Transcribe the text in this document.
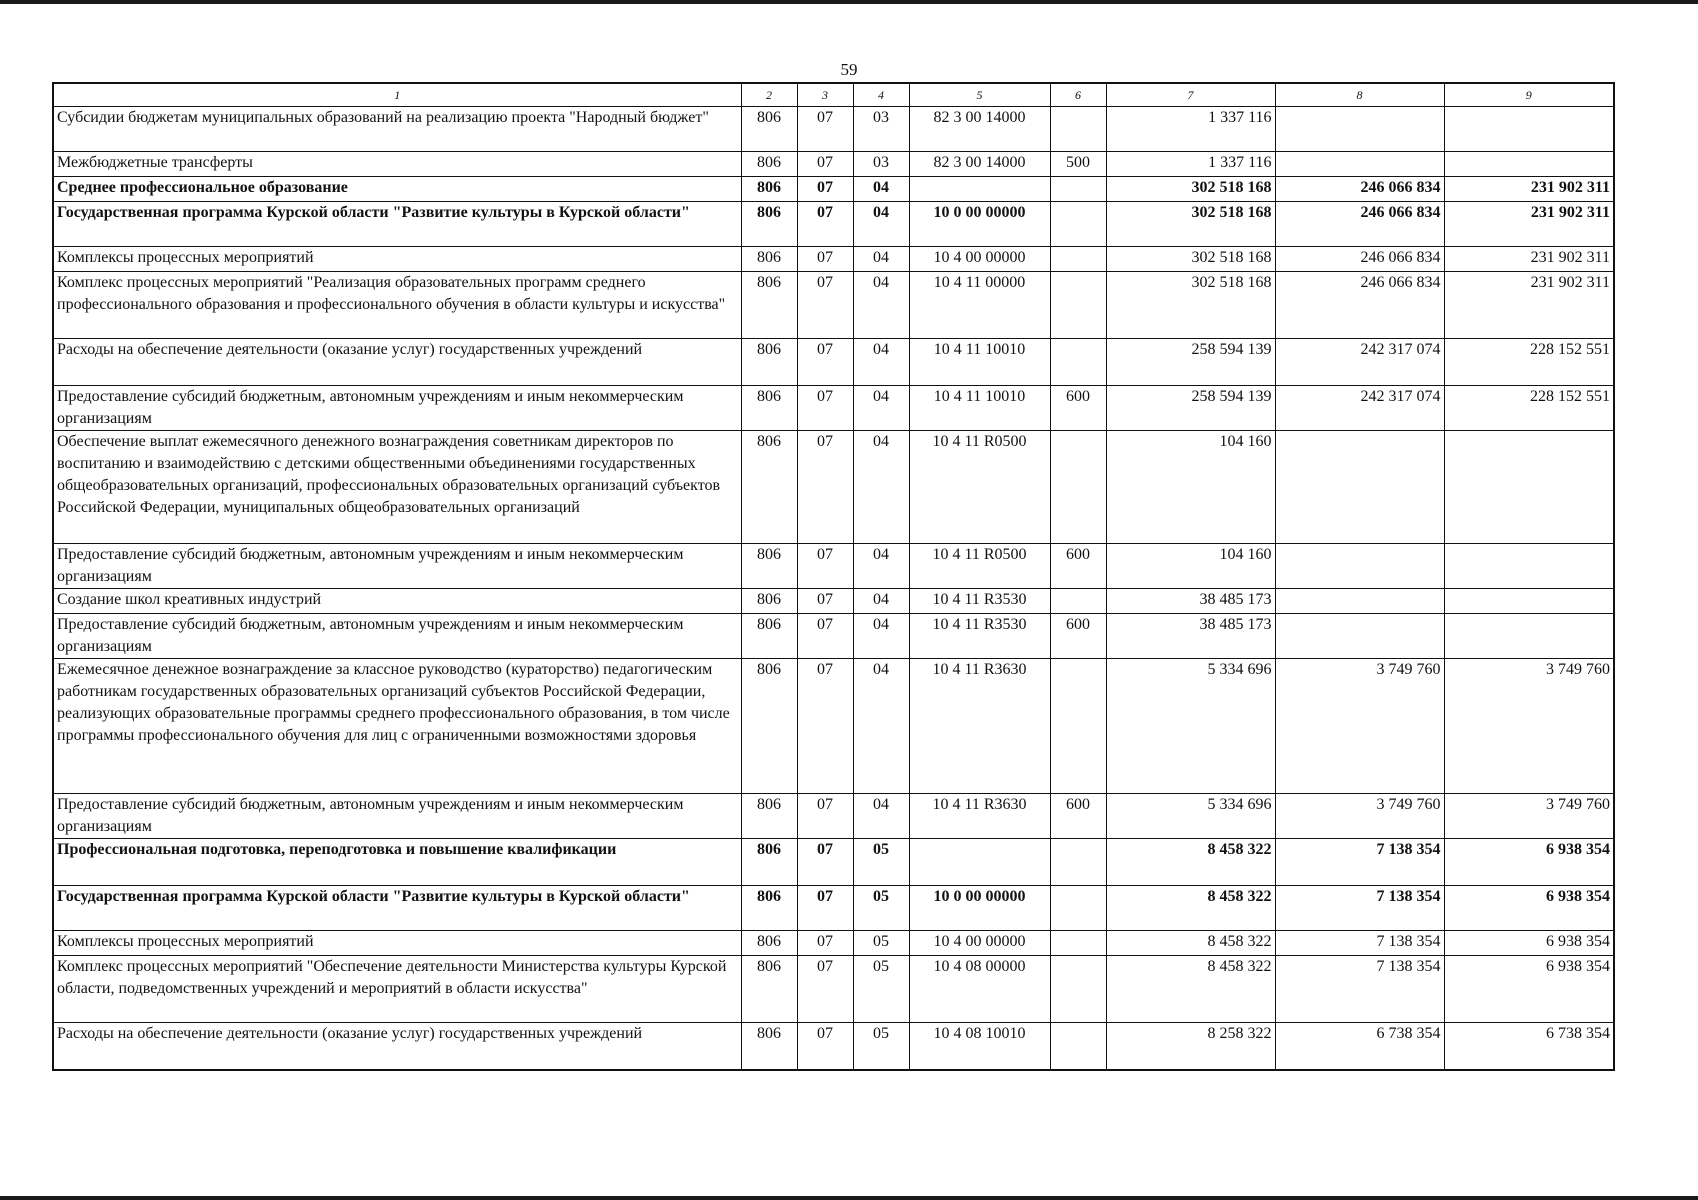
59
1	2	3	4	5	6	7	8	9
Субсидии бюджетам муниципальных образований на реализацию проекта "Народный бюджет"	806	07	03	82 3 00 14000		1 337 116		
Межбюджетные трансферты	806	07	03	82 3 00 14000	500	1 337 116		
Среднее профессиональное образование	806	07	04			302 518 168	246 066 834	231 902 311
Государственная программа Курской области "Развитие культуры в Курской области"	806	07	04	10 0 00 00000		302 518 168	246 066 834	231 902 311
Комплексы процессных мероприятий	806	07	04	10 4 00 00000		302 518 168	246 066 834	231 902 311
Комплекс процессных мероприятий "Реализация образовательных программ среднего профессионального образования и профессионального обучения в области культуры и искусства"	806	07	04	10 4 11 00000		302 518 168	246 066 834	231 902 311
Расходы на обеспечение деятельности (оказание услуг) государственных учреждений	806	07	04	10 4 11 10010		258 594 139	242 317 074	228 152 551
Предоставление субсидий бюджетным, автономным учреждениям и иным некоммерческим организациям	806	07	04	10 4 11 10010	600	258 594 139	242 317 074	228 152 551
Обеспечение выплат ежемесячного денежного вознаграждения советникам директоров по воспитанию и взаимодействию с детскими общественными объединениями государственных общеобразовательных организаций, профессиональных образовательных организаций субъектов Российской Федерации, муниципальных общеобразовательных организаций	806	07	04	10 4 11 R0500		104 160		
Предоставление субсидий бюджетным, автономным учреждениям и иным некоммерческим организациям	806	07	04	10 4 11 R0500	600	104 160		
Создание школ креативных индустрий	806	07	04	10 4 11 R3530		38 485 173		
Предоставление субсидий бюджетным, автономным учреждениям и иным некоммерческим организациям	806	07	04	10 4 11 R3530	600	38 485 173		
Ежемесячное денежное вознаграждение за классное руководство (кураторство) педагогическим работникам государственных образовательных организаций субъектов Российской Федерации, реализующих образовательные программы среднего профессионального образования, в том числе программы профессионального обучения для лиц с ограниченными возможностями здоровья	806	07	04	10 4 11 R3630		5 334 696	3 749 760	3 749 760
Предоставление субсидий бюджетным, автономным учреждениям и иным некоммерческим организациям	806	07	04	10 4 11 R3630	600	5 334 696	3 749 760	3 749 760
Профессиональная подготовка, переподготовка и повышение квалификации	806	07	05			8 458 322	7 138 354	6 938 354
Государственная программа Курской области "Развитие культуры в Курской области"	806	07	05	10 0 00 00000		8 458 322	7 138 354	6 938 354
Комплексы процессных мероприятий	806	07	05	10 4 00 00000		8 458 322	7 138 354	6 938 354
Комплекс процессных мероприятий "Обеспечение деятельности Министерства культуры Курской области, подведомственных учреждений и мероприятий в области искусства"	806	07	05	10 4 08 00000		8 458 322	7 138 354	6 938 354
Расходы на обеспечение деятельности (оказание услуг) государственных учреждений	806	07	05	10 4 08 10010		8 258 322	6 738 354	6 738 354
